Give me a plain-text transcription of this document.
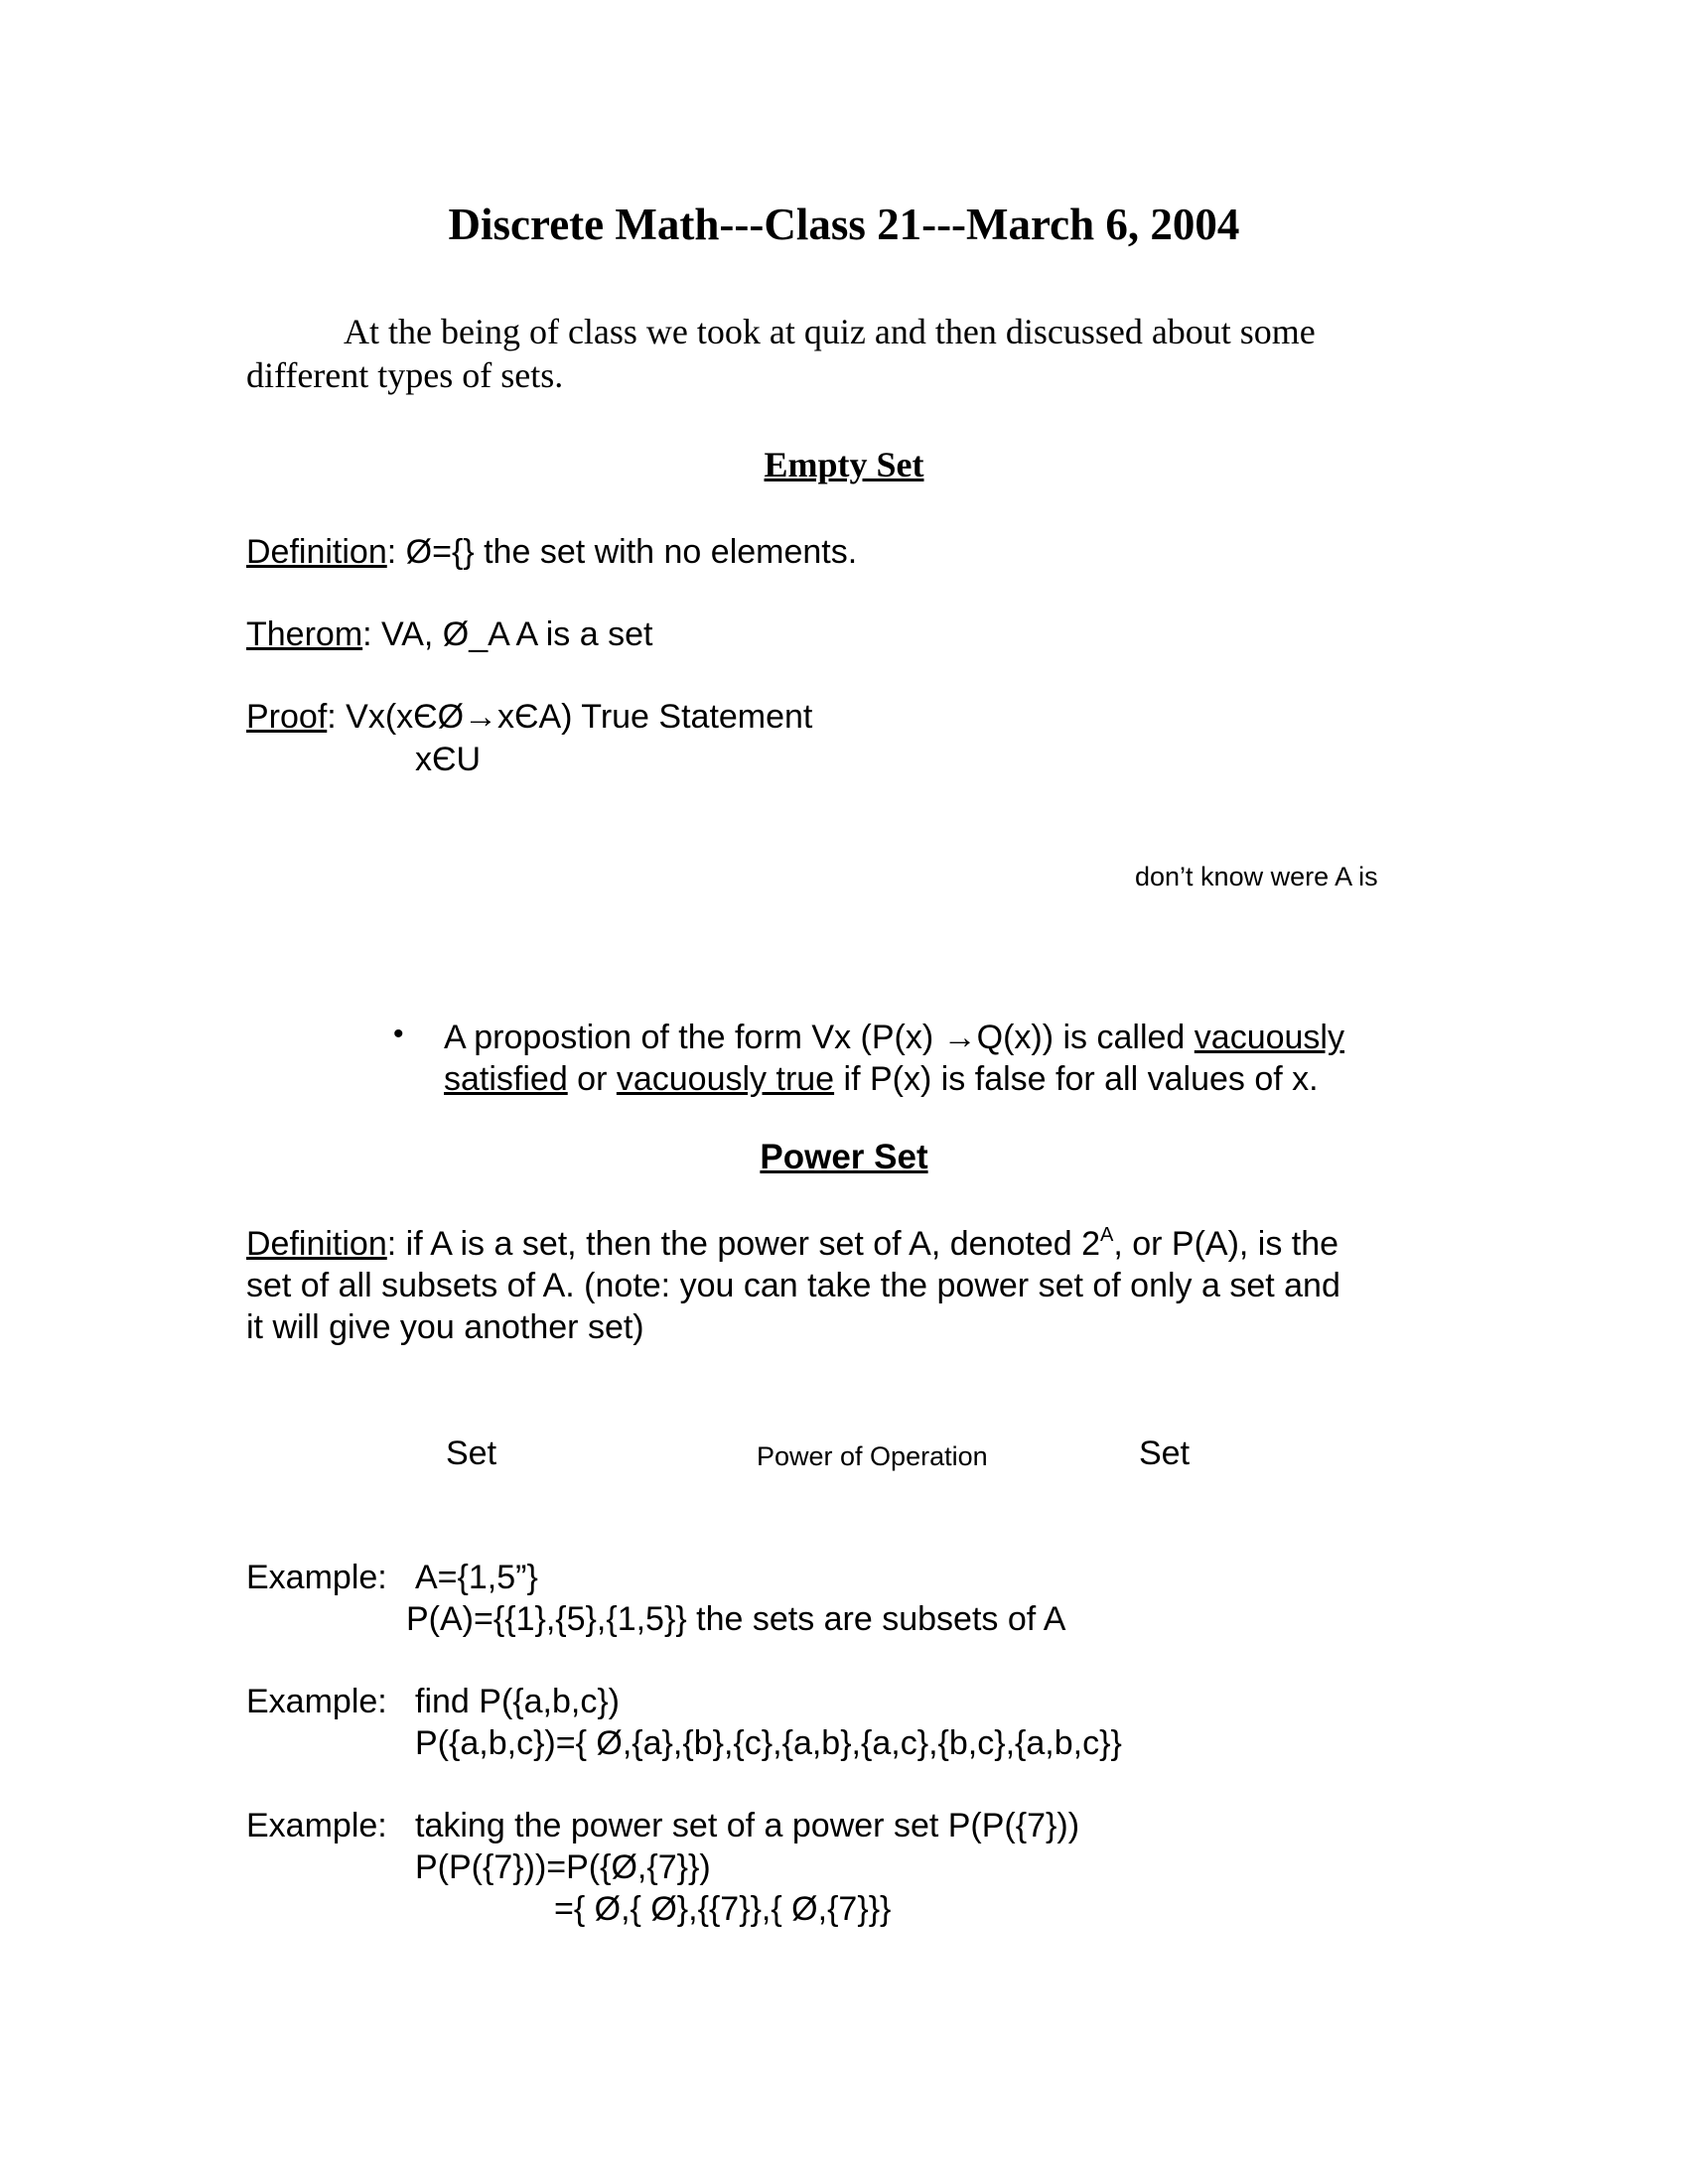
Discrete Math---Class 21---March 6, 2004
At the being of class we took at quiz and then discussed about some different types of sets.
Empty Set
Definition: Ø={} the set with no elements.
Therom: VA, Ø_A A is a set
Proof: Vx(xЄØ→xЄA) True Statement
xЄU
don’t know were A is
• A propostion of the form Vx (P(x) →Q(x)) is called vacuously
satisfied or vacuously true if P(x) is false for all values of x.
Power Set
Definition: if A is a set, then the power set of A, denoted $2^A$, or P(A), is the
set of all subsets of A. (note: you can take the power set of only a set and
it will give you another set)
Set	Power of Operation	Set
Example: A={1,5”}
P(A)={{1},{5},{1,5}} the sets are subsets of A
Example: find P({a,b,c})
P({a,b,c})={ Ø,{a},{b},{c},{a,b},{a,c},{b,c},{a,b,c}}
Example: taking the power set of a power set P(P({7}))
P(P({7}))=P({Ø,{7}})
={ Ø,{ Ø},{{7}},{ Ø,{7}}}
